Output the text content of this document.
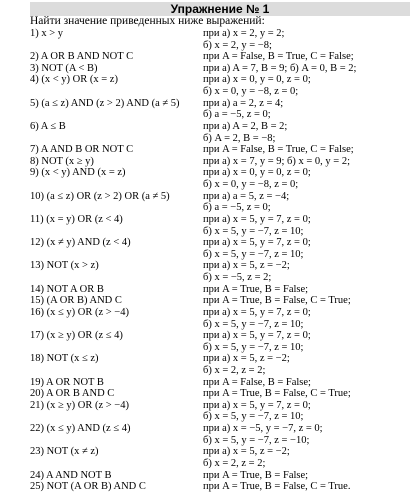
Упражнение № 1
Найти значение приведенных ниже выражений:
1) x > y	при a) x = 2, y = 2;
б) x = 2, y = −8;
2) A OR B AND NOT C	при A = False, B = True, C = False;
3) NOT (A < B)	при a) A = 7, B = 9; б) A = 0, B = 2;
4) (x < y) OR (x = z)	при a) x = 0, y = 0, z = 0;
б) x = 0, y = −8, z = 0;
5) (a ≤ z) AND (z > 2) AND (a ≠ 5)	при a) a = 2, z = 4;
б) a = −5, z = 0;
6) A ≤ B	при a) A = 2, B = 2;
б) A = 2, B = −8;
7) A AND B OR NOT C	при A = False, B = True, C = False;
8) NOT (x ≥ y)	при a) x = 7, y = 9; б) x = 0, y = 2;
9) (x < y) AND (x = z)	при a) x = 0, y = 0, z = 0;
б) x = 0, y = −8, z = 0;
10) (a ≤ z) OR (z > 2) OR (a ≠ 5)	при a) a = 5, z = −4;
б) a = −5, z = 0;
11) (x = y) OR (z < 4)	при a) x = 5, y = 7, z = 0;
б) x = 5, y = −7, z = 10;
12) (x ≠ y) AND (z < 4)	при a) x = 5, y = 7, z = 0;
б) x = 5, y = −7, z = 10;
13) NOT (x > z)	при a) x = 5, z = −2;
б) x = −5, z = 2;
14) NOT A OR B	при A = True, B = False;
15) (A OR B) AND C	при A = True, B = False, C = True;
16) (x ≤ y) OR (z > −4)	при a) x = 5, y = 7, z = 0;
б) x = 5, y = −7, z = 10;
17) (x ≥ y) OR (z ≤ 4)	при a) x = 5, y = 7, z = 0;
б) x = 5, y = −7, z = 10;
18) NOT (x ≤ z)	при a) x = 5, z = −2;
б) x = 2, z = 2;
19) A OR NOT B	при A = False, B = False;
20) A OR B AND C	при A = True, B = False, C = True;
21) (x ≥ y) OR (z > −4)	при a) x = 5, y = 7, z = 0;
б) x = 5, y = −7, z = 10;
22) (x ≤ y) AND (z ≤ 4)	при a) x = −5, y = −7, z = 0;
б) x = 5, y = −7, z = −10;
23) NOT (x ≠ z)	при a) x = 5, z = −2;
б) x = 2, z = 2;
24) A AND NOT B	при A = True, B = False;
25) NOT (A OR B) AND C	при A = True, B = False, C = True.
